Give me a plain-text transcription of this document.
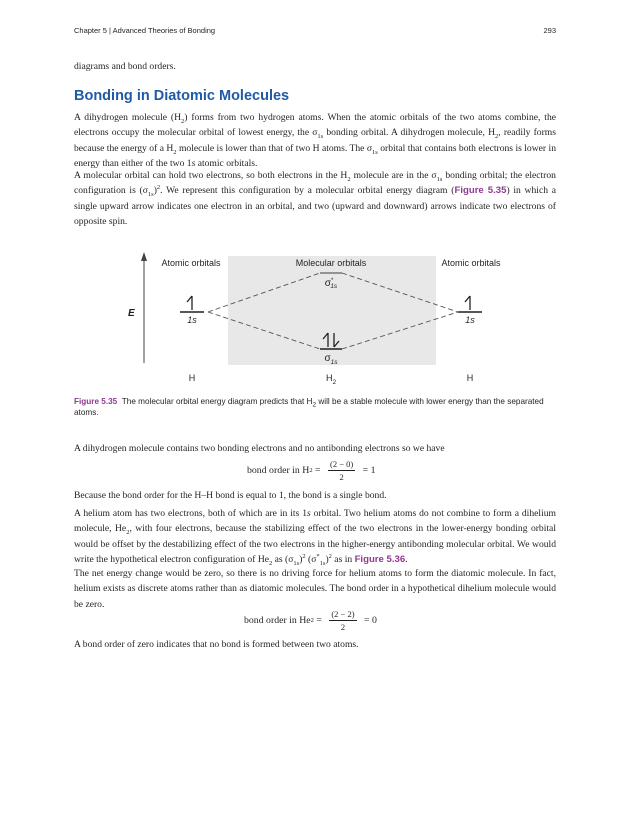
Chapter 5 | Advanced Theories of Bonding	293

diagrams and bond orders.

Bonding in Diatomic Molecules

A dihydrogen molecule $(H_2)$ forms from two hydrogen atoms. When the atomic orbitals of the two atoms combine, the electrons occupy the molecular orbital of lowest energy, the $\sigma_{1s}$ bonding orbital. A dihydrogen molecule, $H_2$, readily forms because the energy of a $H_2$ molecule is lower than that of two H atoms. The $\sigma_{1s}$ orbital that contains both electrons is lower in energy than either of the two 1s atomic orbitals.

A molecular orbital can hold two electrons, so both electrons in the $H_2$ molecule are in the $\sigma_{1s}$ bonding orbital; the electron configuration is $(\sigma_{1s})^2$. We represent this configuration by a molecular orbital energy diagram (Figure 5.35) in which a single upward arrow indicates one electron in an orbital, and two (upward and downward) arrows indicate two electrons of opposite spin.

E
Atomic orbitals	Molecular orbitals	Atomic orbitals
1s	1s
σ* 1s
$\sigma_{1s}$
H	$H_2$	H

Figure 5.35 The molecular orbital energy diagram predicts that $H_2$ will be a stable molecule with lower energy than the separated atoms.

A dihydrogen molecule contains two bonding electrons and no antibonding electrons so we have

bond order in H $2 = \frac{(2 - 0)}{2} = 1$

Because the bond order for the H–H bond is equal to 1, the bond is a single bond.

A helium atom has two electrons, both of which are in its 1s orbital. Two helium atoms do not combine to form a dihelium molecule, $He_2$, with four electrons, because the stabilizing effect of the two electrons in the lower-energy bonding orbital would be offset by the destabilizing effect of the two electrons in the higher-energy antibonding molecular orbital. We would write the hypothetical electron configuration of $He_2$ as $(\sigma_{1s})^2$ $(\sigma^*_{1s})^2$ as in Figure 5.36.

The net energy change would be zero, so there is no driving force for helium atoms to form the diatomic molecule. In fact, helium exists as discrete atoms rather than as diatomic molecules. The bond order in a hypothetical dihelium molecule would be zero.

bond order in He $2 = \frac{(2 - 2)}{2} = 0$

A bond order of zero indicates that no bond is formed between two atoms.
